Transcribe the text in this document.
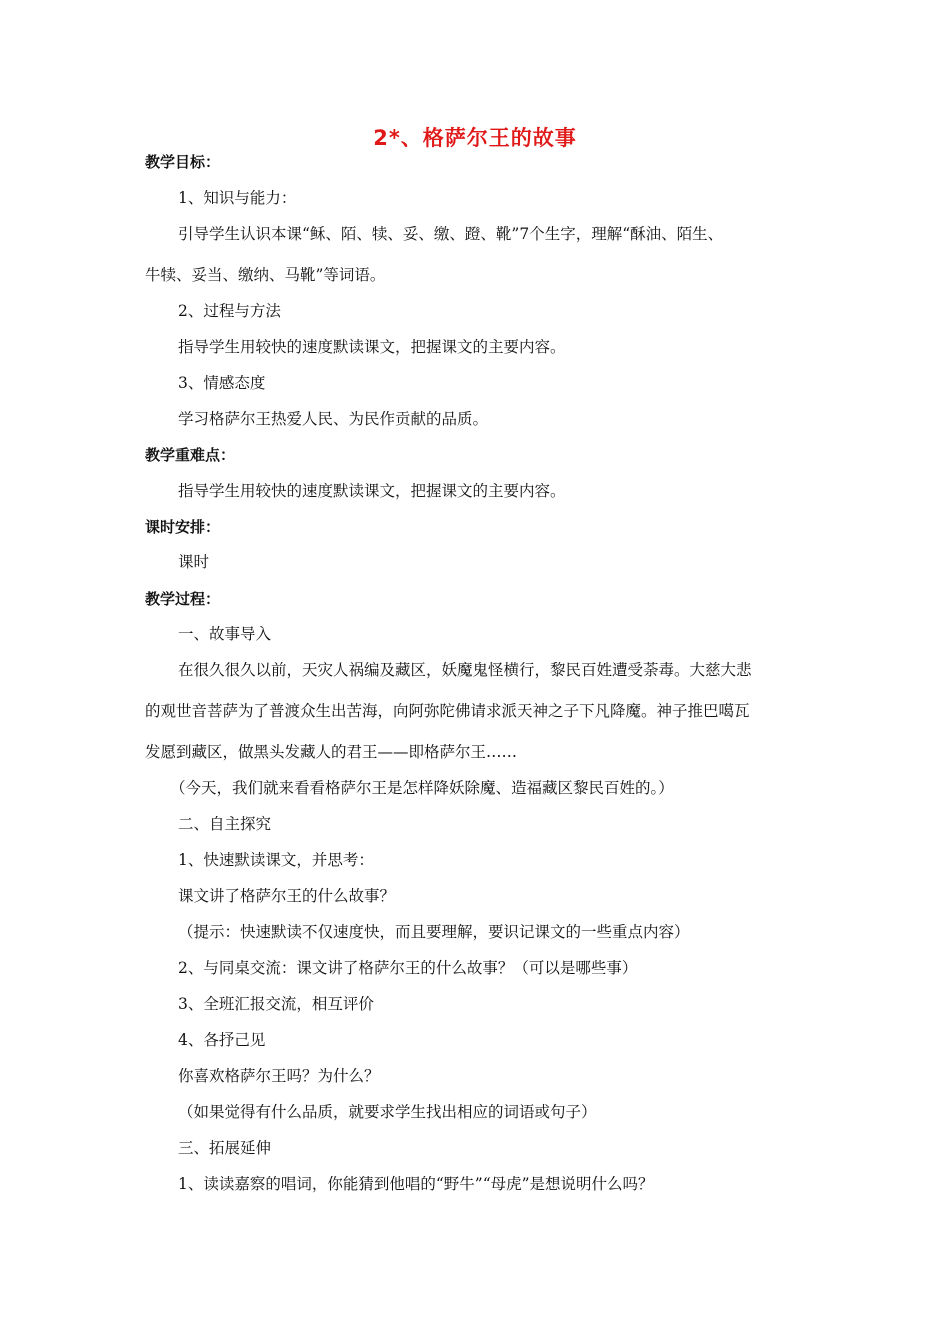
2*、格萨尔王的故事
教学目标：
1、知识与能力：
引导学生认识本课“稣、陌、犊、妥、缴、蹬、靴”7个生字，理解“酥油、陌生、
牛犊、妥当、缴纳、马靴”等词语。
2、过程与方法
指导学生用较快的速度默读课文，把握课文的主要内容。
3、情感态度
学习格萨尔王热爱人民、为民作贡献的品质。
教学重难点：
指导学生用较快的速度默读课文，把握课文的主要内容。
课时安排：
课时
教学过程：
一、故事导入
在很久很久以前，天灾人祸编及藏区，妖魔鬼怪横行，黎民百姓遭受荼毒。大慈大悲
的观世音菩萨为了普渡众生出苦海，向阿弥陀佛请求派天神之子下凡降魔。神子推巴噶瓦
发愿到藏区，做黑头发藏人的君王——即格萨尔王……
（今天，我们就来看看格萨尔王是怎样降妖除魔、造福藏区黎民百姓的。）
二、自主探究
1、快速默读课文，并思考：
课文讲了格萨尔王的什么故事？
（提示：快速默读不仅速度快，而且要理解，要识记课文的一些重点内容）
2、与同桌交流：课文讲了格萨尔王的什么故事？（可以是哪些事）
3、全班汇报交流，相互评价
4、各抒己见
你喜欢格萨尔王吗？为什么？
（如果觉得有什么品质，就要求学生找出相应的词语或句子）
三、拓展延伸
1、读读嘉察的唱词，你能猜到他唱的“野牛”“母虎”是想说明什么吗？
